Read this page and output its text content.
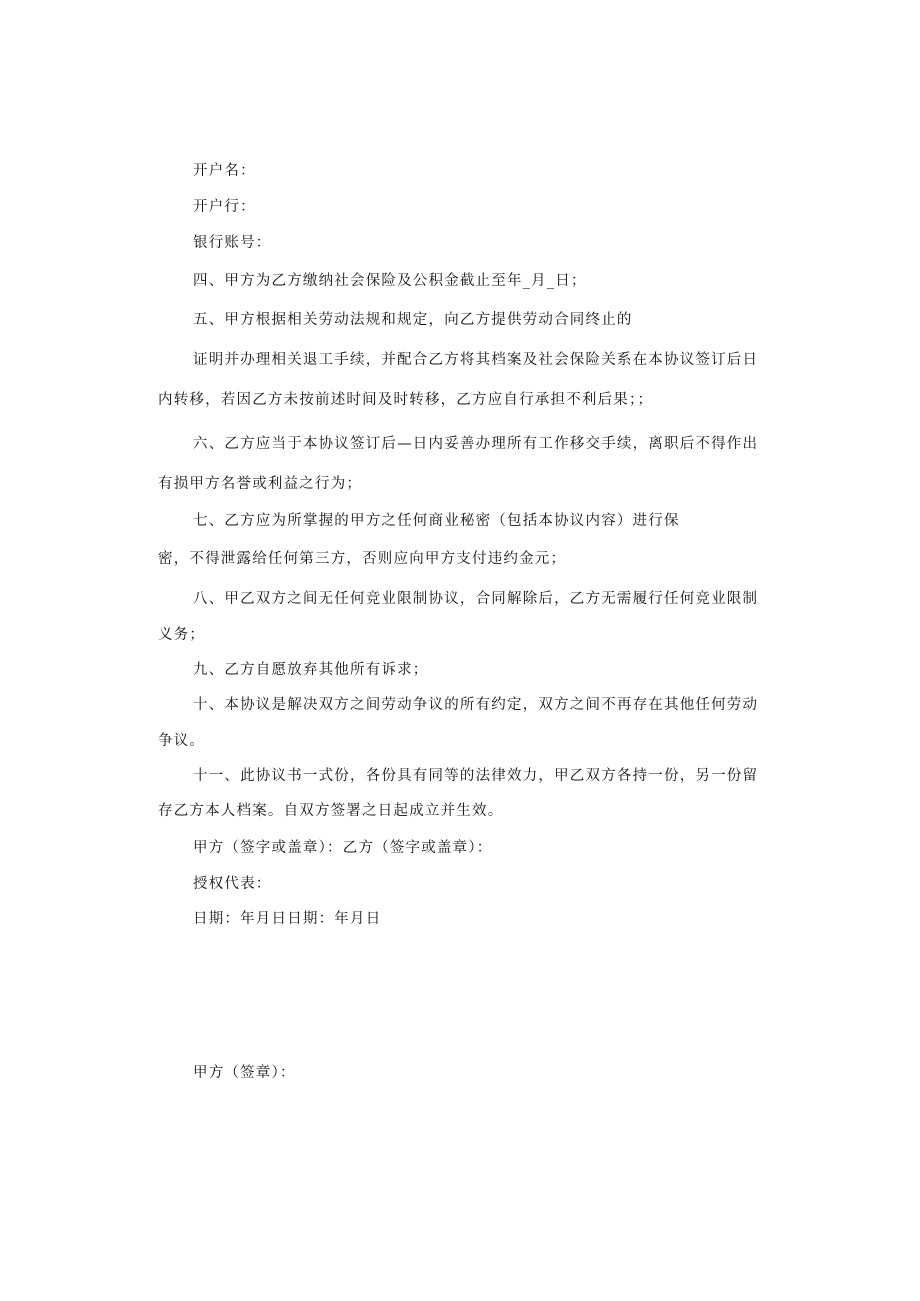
开户名：
开户行：
银行账号：
四、甲方为乙方缴纳社会保险及公积金截止至年_月_日；
五、甲方根据相关劳动法规和规定，向乙方提供劳动合同终止的
证明并办理相关退工手续，并配合乙方将其档案及社会保险关系在本协议签订后日
内转移，若因乙方未按前述时间及时转移，乙方应自行承担不利后果；；
六、乙方应当于本协议签订后—日内妥善办理所有工作移交手续，离职后不得作出
有损甲方名誉或利益之行为；
七、乙方应为所掌握的甲方之任何商业秘密（包括本协议内容）进行保
密，不得泄露给任何第三方，否则应向甲方支付违约金元；
八、甲乙双方之间无任何竞业限制协议，合同解除后，乙方无需履行任何竞业限制
义务；
九、乙方自愿放弃其他所有诉求；
十、本协议是解决双方之间劳动争议的所有约定，双方之间不再存在其他任何劳动
争议。
十一、此协议书一式份，各份具有同等的法律效力，甲乙双方各持一份，另一份留
存乙方本人档案。自双方签署之日起成立并生效。
甲方（签字或盖章）：乙方（签字或盖章）：
授权代表：
日期：年月日日期：年月日
甲方（签章）：
